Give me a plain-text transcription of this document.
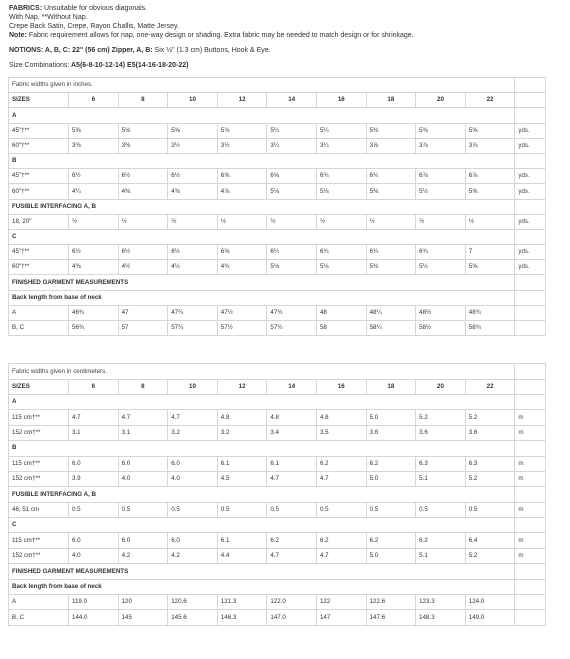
FABRICS: Unsuitable for obvious diagonals.
With Nap. **Without Nap.
Crepe Back Satin, Crepe, Rayon Challis, Matte Jersey.
Note: Fabric requirement allows for nap, one-way design or shading. Extra fabric may be needed to match design or for shrinkage.
NOTIONS: A, B, C: 22" (56 cm) Zipper, A, B: Six ½" (1.3 cm) Buttons, Hook & Eye.
Size Combinations: A5(6-8-10-12-14) E5(14-16-18-20-22)
Fabric widths given in inches.										
SIZES	6	8	10	12	14	16	18	20	22	
A										
45"†**	5⅝	5⅝	5⅝	5⅛	5¼	5¼	5⅜	5⅜	5⅝	yds.
60"†**	3⅜	3⅜	3½	3½	3¼	3¼	3⅞	3⅞	3⅞	yds.
B										
45"†**	6½	6½	6½	6⅝	6⅝	6¾	6¾	6⅞	6⅞	yds.
60"†**	4¼	4⅜	4⅜	4⅞	5⅛	5⅛	5⅜	5½	5⅝	yds.
FUSIBLE INTERFACING A, B										
18, 20"	½	½	½	½	½	½	½	½	½	yds.
C										
45"†**	6½	6½	6½	6⅝	6¼	6¾	6¾	6¾	7	yds.
60"†**	4⅜	4½	4½	4¾	5⅛	5⅛	5⅜	5½	5⅝	yds.
FINISHED GARMENT MEASUREMENTS										
Back length from base of neck										
A	46¾	47	47¼	47½	47¾	48	48¼	48½	48¾	
B, C	56¾	57	57¼	57½	57¾	58	58¼	58½	58¾	
Fabric widths given in centimeters.										
SIZES	6	8	10	12	14	16	18	20	22	
A										
115 cm†**	4.7	4.7	4.7	4.8	4.8	4.8	5.0	5.2	5.2	m
152 cm†**	3.1	3.1	3.2	3.2	3.4	3.5	3.6	3.6	3.6	m
B										
115 cm†**	6.0	6.0	6.0	6.1	6.1	6.2	6.2	6.3	6.3	m
152 cm†**	3.9	4.0	4.0	4.5	4.7	4.7	5.0	5.1	5.2	m
FUSIBLE INTERFACING A, B										
46, 51 cm	0.5	0.5	0.5	0.5	0.5	0.5	0.5	0.5	0.5	m
C										
115 cm†**	6.0	6.0	6.0	6.1	6.2	6.2	6.2	6.2	6.4	m
152 cm†**	4.0	4.2	4.2	4.4	4.7	4.7	5.0	5.1	5.2	m
FINISHED GARMENT MEASUREMENTS										
Back length from base of neck										
A	119.0	120	120.6	121.3	122.0	122	122.6	123.3	124.0	
B, C	144.0	145	145.6	146.3	147.0	147	147.6	148.3	149.0	
